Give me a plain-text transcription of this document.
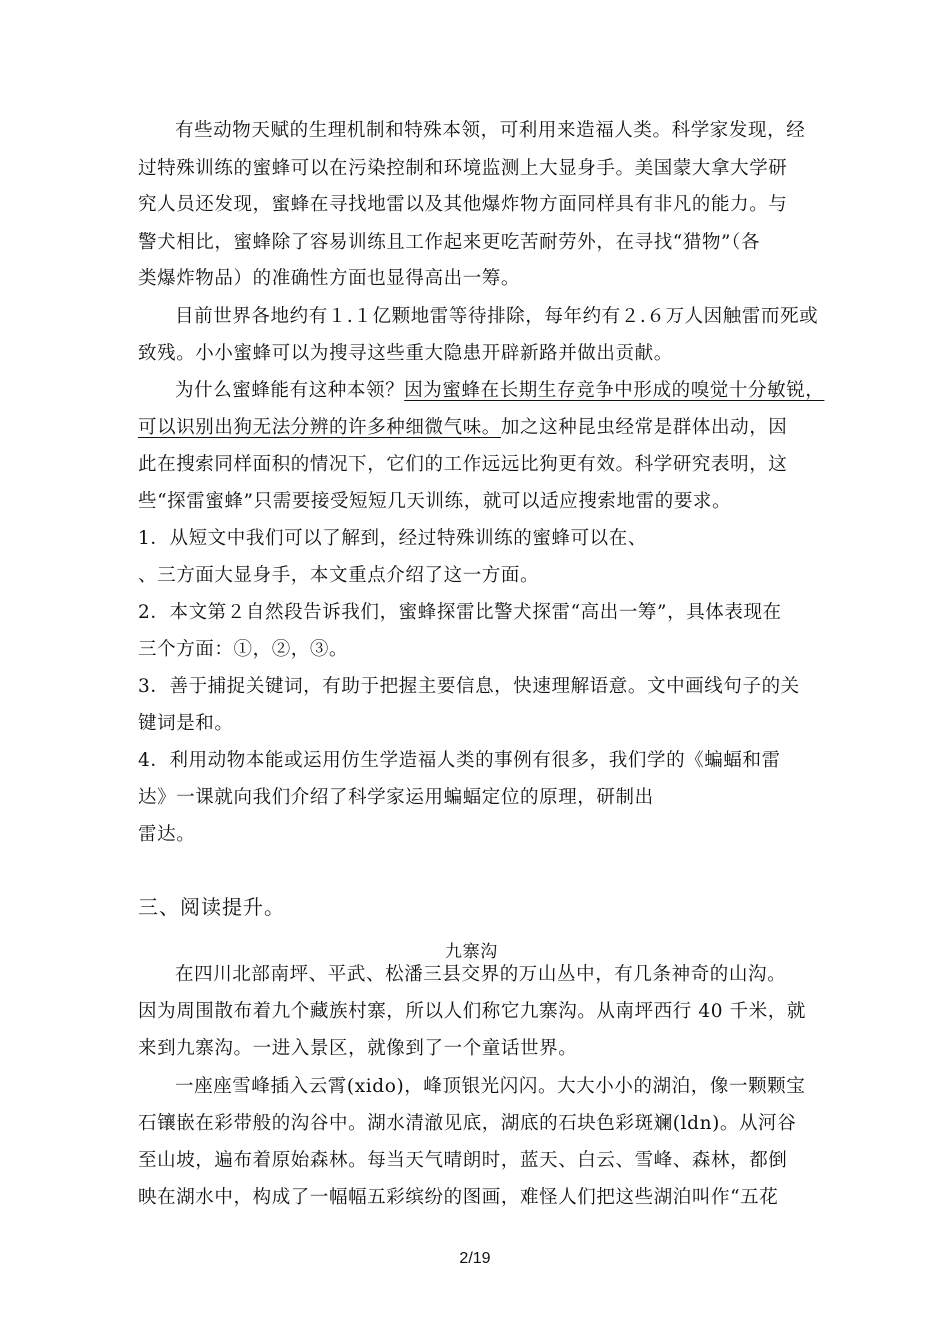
有些动物天赋的生理机制和特殊本领，可利用来造福人类。科学家发现，经
过特殊训练的蜜蜂可以在污染控制和环境监测上大显身手。美国蒙大拿大学研
究人员还发现，蜜蜂在寻找地雷以及其他爆炸物方面同样具有非凡的能力。与
警犬相比，蜜蜂除了容易训练且工作起来更吃苦耐劳外，在寻找“猎物”（各
类爆炸物品）的准确性方面也显得高出一筹。
目前世界各地约有１.１亿颗地雷等待排除，每年约有２.６万人因触雷而死或
致残。小小蜜蜂可以为搜寻这些重大隐患开辟新路并做出贡献。
为什么蜜蜂能有这种本领？因为蜜蜂在长期生存竞争中形成的嗅觉十分敏锐，
可以识别出狗无法分辨的许多种细微气味。加之这种昆虫经常是群体出动，因
此在搜索同样面积的情况下，它们的工作远远比狗更有效。科学研究表明，这
些“探雷蜜蜂”只需要接受短短几天训练，就可以适应搜索地雷的要求。
1．从短文中我们可以了解到，经过特殊训练的蜜蜂可以在、
、三方面大显身手，本文重点介绍了这一方面。
2．本文第２自然段告诉我们，蜜蜂探雷比警犬探雷“高出一筹”，具体表现在
三个方面：①，②，③。
3．善于捕捉关键词，有助于把握主要信息，快速理解语意。文中画线句子的关
键词是和。
4．利用动物本能或运用仿生学造福人类的事例有很多，我们学的《蝙蝠和雷
达》一课就向我们介绍了科学家运用蝙蝠定位的原理，研制出
雷达。
三、阅读提升。
九寨沟
在四川北部南坪、平武、松潘三县交界的万山丛中，有几条神奇的山沟。
因为周围散布着九个藏族村寨，所以人们称它九寨沟。从南坪西行 40 千米，就
来到九寨沟。一进入景区，就像到了一个童话世界。
一座座雪峰插入云霄(xido)，峰顶银光闪闪。大大小小的湖泊，像一颗颗宝
石镶嵌在彩带般的沟谷中。湖水清澈见底，湖底的石块色彩斑斓(ldn)。从河谷
至山坡，遍布着原始森林。每当天气晴朗时，蓝天、白云、雪峰、森林，都倒
映在湖水中，构成了一幅幅五彩缤纷的图画，难怪人们把这些湖泊叫作“五花
2/19
